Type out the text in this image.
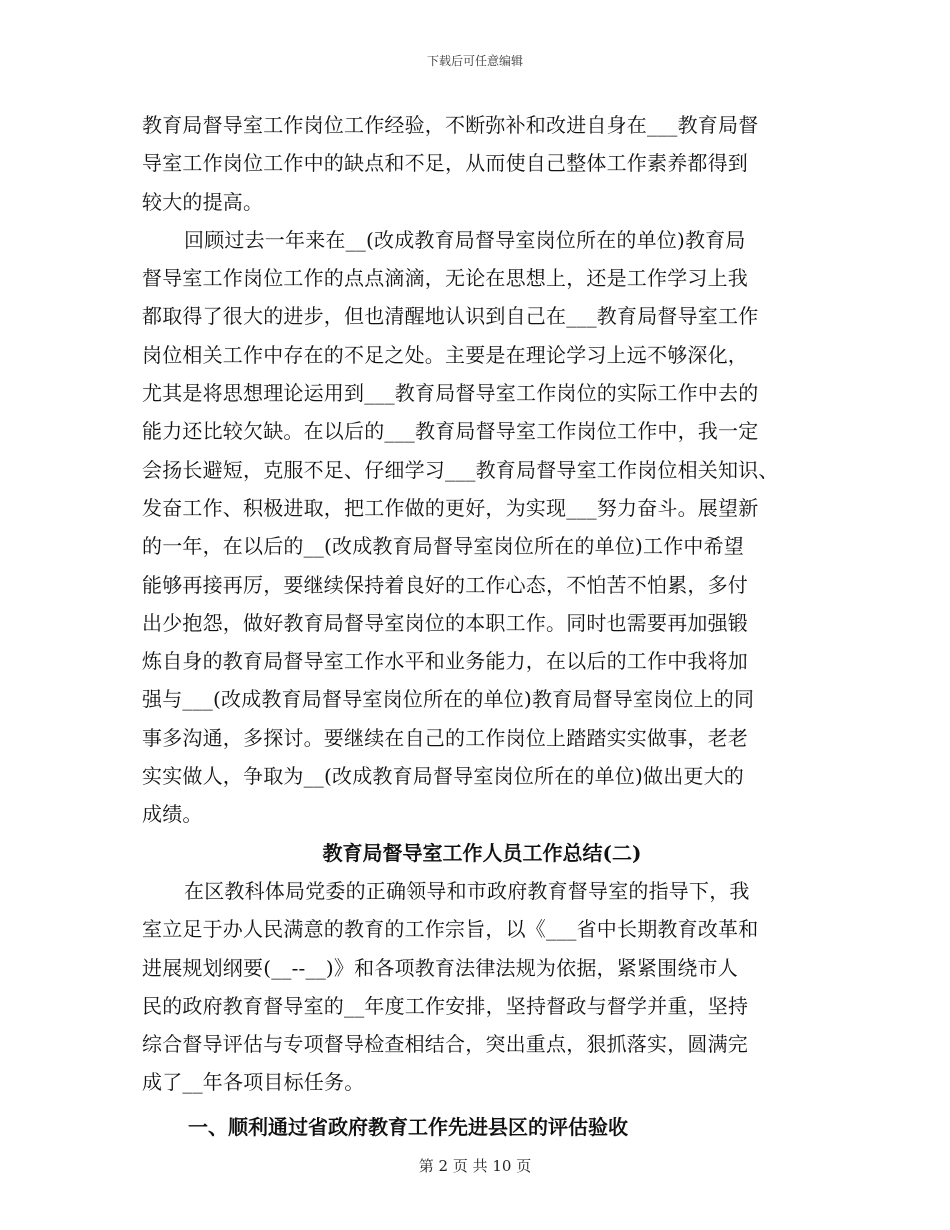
下载后可任意编辑
教育局督导室工作岗位工作经验，不断弥补和改进自身在___教育局督
导室工作岗位工作中的缺点和不足，从而使自己整体工作素养都得到
较大的提高。
回顾过去一年来在__(改成教育局督导室岗位所在的单位)教育局
督导室工作岗位工作的点点滴滴，无论在思想上，还是工作学习上我
都取得了很大的进步，但也清醒地认识到自己在___教育局督导室工作
岗位相关工作中存在的不足之处。主要是在理论学习上远不够深化，
尤其是将思想理论运用到___教育局督导室工作岗位的实际工作中去的
能力还比较欠缺。在以后的___教育局督导室工作岗位工作中，我一定
会扬长避短，克服不足、仔细学习___教育局督导室工作岗位相关知识、
发奋工作、积极进取，把工作做的更好，为实现___努力奋斗。展望新
的一年，在以后的__(改成教育局督导室岗位所在的单位)工作中希望
能够再接再厉，要继续保持着良好的工作心态，不怕苦不怕累，多付
出少抱怨，做好教育局督导室岗位的本职工作。同时也需要再加强锻
炼自身的教育局督导室工作水平和业务能力，在以后的工作中我将加
强与___(改成教育局督导室岗位所在的单位)教育局督导室岗位上的同
事多沟通，多探讨。要继续在自己的工作岗位上踏踏实实做事，老老
实实做人，争取为__(改成教育局督导室岗位所在的单位)做出更大的
成绩。
教育局督导室工作人员工作总结(二)
在区教科体局党委的正确领导和市政府教育督导室的指导下，我
室立足于办人民满意的教育的工作宗旨，以《___省中长期教育改革和
进展规划纲要(__--__)》和各项教育法律法规为依据，紧紧围绕市人
民的政府教育督导室的__年度工作安排，坚持督政与督学并重，坚持
综合督导评估与专项督导检查相结合，突出重点，狠抓落实，圆满完
成了__年各项目标任务。
一、顺利通过省政府教育工作先进县区的评估验收
第 2 页 共 10 页
